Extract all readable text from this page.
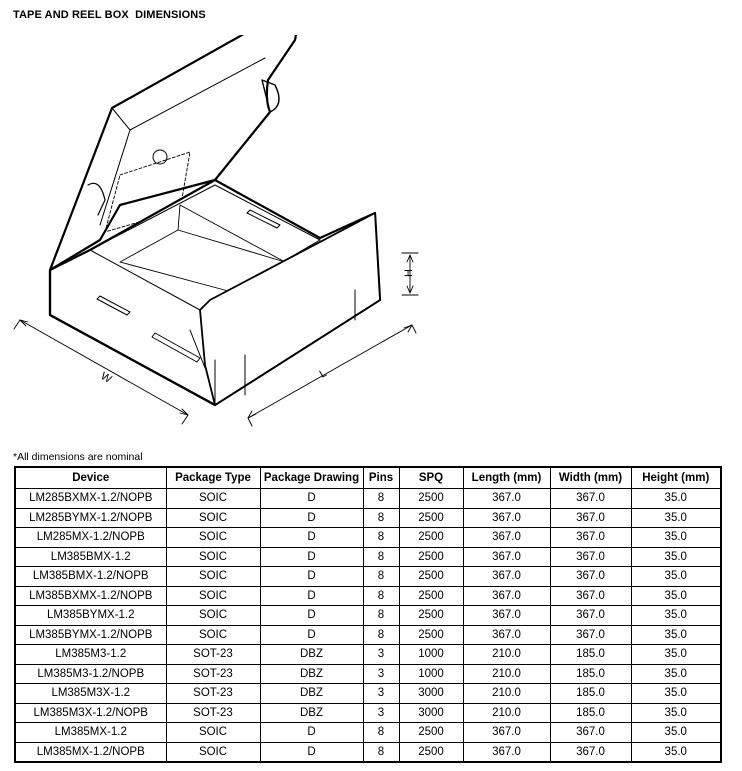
TAPE AND REEL BOX  DIMENSIONS
W	L
H
*All dimensions are nominal
Device	Package Type	Package Drawing	Pins	SPQ	Length (mm)	Width (mm)	Height (mm)
LM285BXMX-1.2/NOPB	SOIC	D	8	2500	367.0	367.0	35.0
LM285BYMX-1.2/NOPB	SOIC	D	8	2500	367.0	367.0	35.0
LM285MX-1.2/NOPB	SOIC	D	8	2500	367.0	367.0	35.0
LM385BMX-1.2	SOIC	D	8	2500	367.0	367.0	35.0
LM385BMX-1.2/NOPB	SOIC	D	8	2500	367.0	367.0	35.0
LM385BXMX-1.2/NOPB	SOIC	D	8	2500	367.0	367.0	35.0
LM385BYMX-1.2	SOIC	D	8	2500	367.0	367.0	35.0
LM385BYMX-1.2/NOPB	SOIC	D	8	2500	367.0	367.0	35.0
LM385M3-1.2	SOT-23	DBZ	3	1000	210.0	185.0	35.0
LM385M3-1.2/NOPB	SOT-23	DBZ	3	1000	210.0	185.0	35.0
LM385M3X-1.2	SOT-23	DBZ	3	3000	210.0	185.0	35.0
LM385M3X-1.2/NOPB	SOT-23	DBZ	3	3000	210.0	185.0	35.0
LM385MX-1.2	SOIC	D	8	2500	367.0	367.0	35.0
LM385MX-1.2/NOPB	SOIC	D	8	2500	367.0	367.0	35.0
